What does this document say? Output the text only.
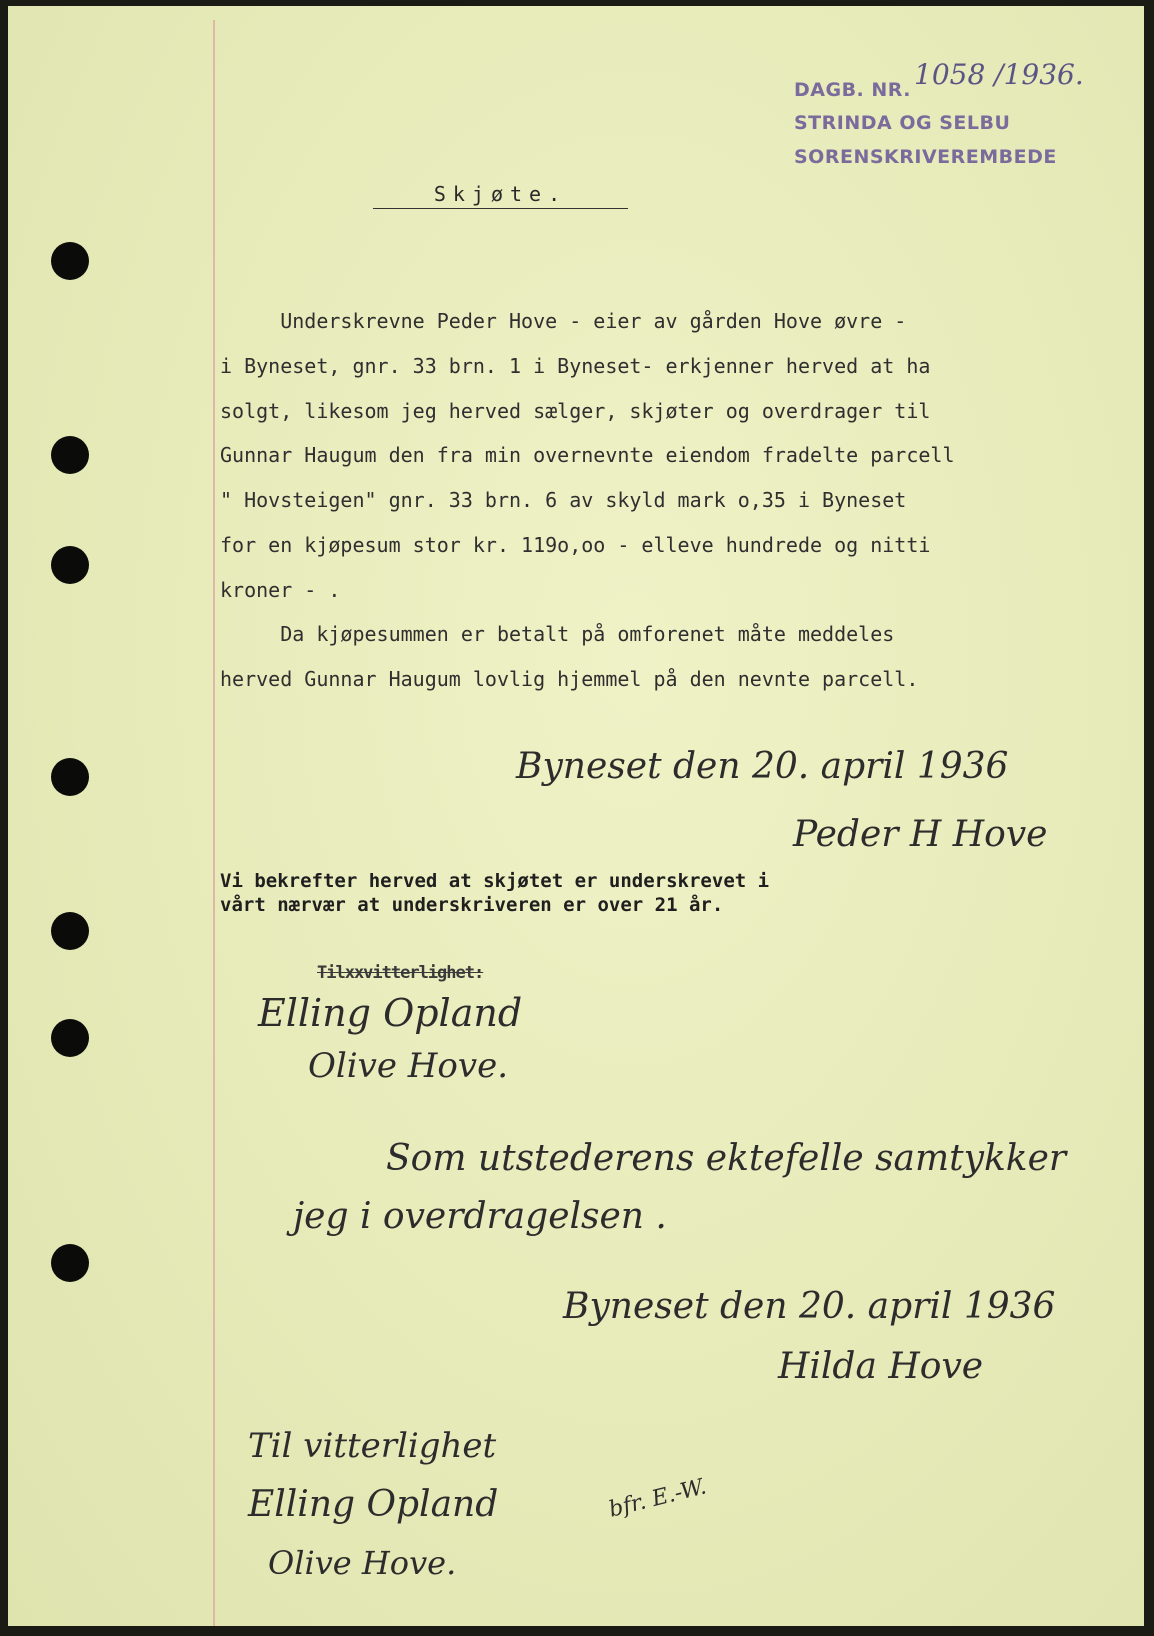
DAGB. NR. 1058 /1936.
STRINDA OG SELBU
SORENSKRIVEREMBEDE
Skjøte.
Underskrevne Peder Hove - eier av gården Hove øvre -
i Byneset, gnr. 33 brn. 1 i Byneset- erkjenner herved at ha
solgt, likesom jeg herved sælger, skjøter og overdrager til
Gunnar Haugum den fra min overnevnte eiendom fradelte parcell
" Hovsteigen" gnr. 33 brn. 6 av skyld mark o,35 i Byneset
for en kjøpesum stor kr. 119o,oo - elleve hundrede og nitti
kroner - .
Da kjøpesummen er betalt på omforenet måte meddeles
herved Gunnar Haugum lovlig hjemmel på den nevnte parcell.
Byneset den 20. april 1936
Peder H Hove
Vi bekrefter herved at skjøtet er underskrevet i
vårt nærvær at underskriveren er over 21 år.
Tilxxvitterlighet:
Elling Opland
Olive Hove.
Som utstederens ektefelle samtykker
jeg i overdragelsen .
Byneset den 20. april 1936
Hilda Hove
Til vitterlighet
Elling Opland
Olive Hove.
bfr. E.-W.
